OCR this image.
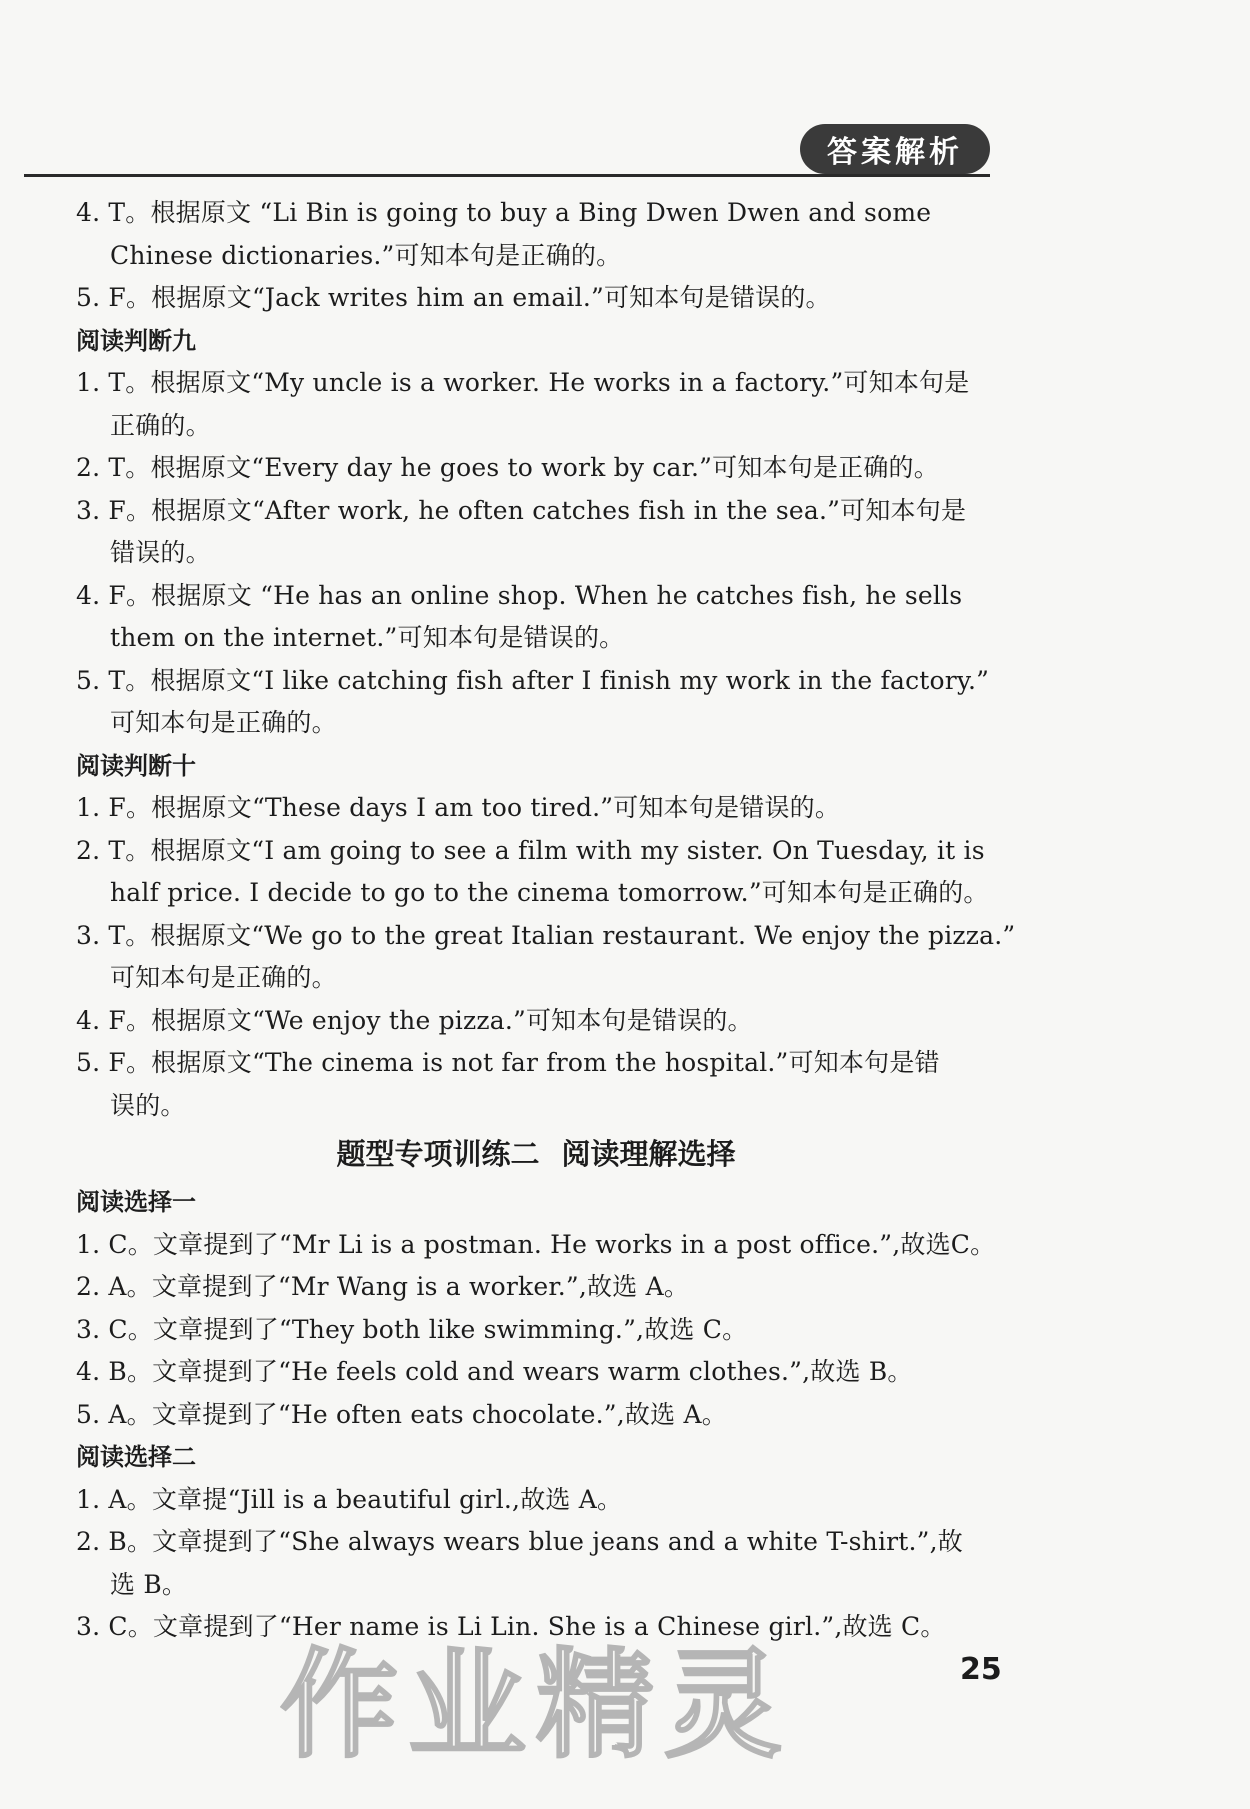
答案解析
4. T。根据原文 “Li Bin is going to buy a Bing Dwen Dwen and some
Chinese dictionaries.”可知本句是正确的。
5. F。根据原文“Jack writes him an email.”可知本句是错误的。
阅读判断九
1. T。根据原文“My uncle is a worker. He works in a factory.”可知本句是
正确的。
2. T。根据原文“Every day he goes to work by car.”可知本句是正确的。
3. F。根据原文“After work, he often catches fish in the sea.”可知本句是
错误的。
4. F。根据原文 “He has an online shop. When he catches fish, he sells
them on the internet.”可知本句是错误的。
5. T。根据原文“I like catching fish after I finish my work in the factory.”
可知本句是正确的。
阅读判断十
1. F。根据原文“These days I am too tired.”可知本句是错误的。
2. T。根据原文“I am going to see a film with my sister. On Tuesday, it is
half price. I decide to go to the cinema tomorrow.”可知本句是正确的。
3. T。根据原文“We go to the great Italian restaurant. We enjoy the pizza.”
可知本句是正确的。
4. F。根据原文“We enjoy the pizza.”可知本句是错误的。
5. F。根据原文“The cinema is not far from the hospital.”可知本句是错
误的。
题型专项训练二 阅读理解选择
阅读选择一
1. C。文章提到了“Mr Li is a postman. He works in a post office.”,故选C。
2. A。文章提到了“Mr Wang is a worker.”,故选 A。
3. C。文章提到了“They both like swimming.”,故选 C。
4. B。文章提到了“He feels cold and wears warm clothes.”,故选 B。
5. A。文章提到了“He often eats chocolate.”,故选 A。
阅读选择二
1. A。文章提“Jill is a beautiful girl.,故选 A。
2. B。文章提到了“She always wears blue jeans and a white T-shirt.”,故
选 B。
3. C。文章提到了“Her name is Li Lin. She is a Chinese girl.”,故选 C。
作业精灵	25
